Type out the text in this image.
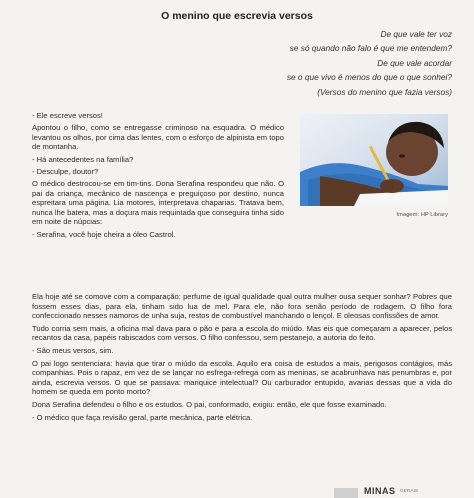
O menino que escrevia versos
De que vale ter voz
se só quando não falo é que me entendem?
De que vale acordar
se o que vivo é menos do que o que sonhei?
(Versos do menino que fazia versos)

- Ele escreve versos!

Apontou o filho, como se entregasse criminoso na esquadra. O médico levantou os olhos, por cima das lentes, com o esforço de alpinista em topo de montanha.

- Há antecedentes na família?

- Desculpe, doutor?

O médico destrocou-se em tim-tins. Dona Serafina respondeu que não. O pai da criança, mecânico de nascença e preguiçoso por destino, nunca espreitara uma página. Lia motores, interpretava chaparias. Tratava bem, nunca lhe batera, mas a doçura mais requintada que conseguira tinha sido em noite de núpcias:

- Serafina, você hoje cheira a óleo Castrol.

Imagem: HP Library

Ela hoje até se comove com a comparação: perfume de igual qualidade qual outra mulher ousa sequer sonhar? Pobres que fossem esses dias, para ela, tinham sido lua de mel. Para ele, não fora senão período de rodagem. O filho fora confeccionado nesses namoros de unha suja, restos de combustível manchando o lençol. E oleosas confissões de amor.

Tudo corria sem mais, a oficina mal dava para o pão e para a escola do miúdo. Mas eis que começaram a aparecer, pelos recantos da casa, papéis rabiscados com versos. O filho confessou, sem pestanejo, a autoria do feito.

- São meus versos, sim.

O pai logo sentenciara: havia que tirar o miúdo da escola. Aquilo era coisa de estudos a mais, perigosos contágios, más companhias. Pois o rapaz, em vez de se lançar no esfrega-refrega com as meninas, se acabrunhava nas penumbras e, por ainda, escrevia versos. O que se passava: mariquice intelectual? Ou carburador entupido, avarias dessas que a vida do homem se queda em ponto morto?

Dona Serafina defendeu o filho e os estudos. O pai, conformado, exigiu: então, ele que fosse examinado.

- O médico que faça revisão geral, parte mecânica, parte elétrica.

MINAS GERAIS
